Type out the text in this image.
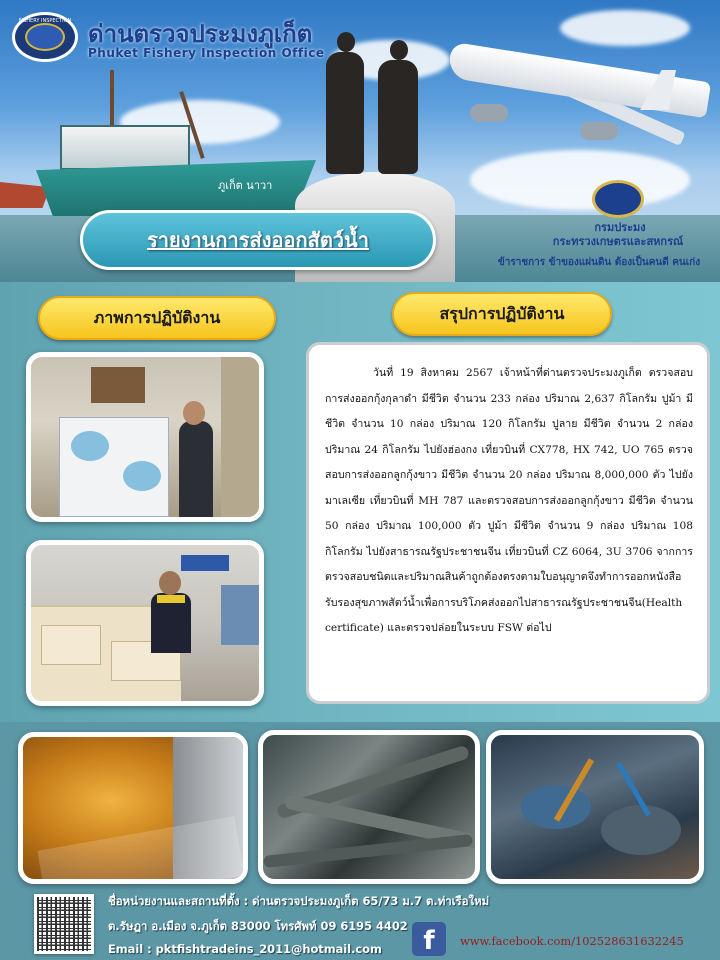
FISHERY INSPECTION ด่านตรวจประมงภูเก็ต
Phuket Fishery Inspection Office
ภูเก็ต นาวา
กรมประมง
กระทรวงเกษตรและสหกรณ์
ข้าราชการ ข้าของแผ่นดิน ต้องเป็นคนดี คนเก่ง
รายงานการส่งออกสัตว์น้ำ
ภาพการปฏิบัติงาน	สรุปการปฏิบัติงาน

วันที่ 19 สิงหาคม 2567 เจ้าหน้าที่ด่านตรวจประมงภูเก็ต ตรวจสอบการส่งออกกุ้งกุลาดำ มีชีวิต จำนวน 233 กล่อง ปริมาณ 2,637 กิโลกรัม ปูม้า มีชีวิต จำนวน 10 กล่อง ปริมาณ 120 กิโลกรัม ปูลาย มีชีวิต จำนวน 2 กล่อง ปริมาณ 24 กิโลกรัม ไปยังฮ่องกง เที่ยวบินที่ CX778, HX 742, UO 765 ตรวจสอบการส่งออกลูกกุ้งขาว มีชีวิต จำนวน 20 กล่อง ปริมาณ 8,000,000 ตัว ไปยังมาเลเซีย เที่ยวบินที่ MH 787 และตรวจสอบการส่งออกลูกกุ้งขาว มีชีวิต จำนวน 50 กล่อง ปริมาณ 100,000 ตัว ปูม้า มีชีวิต จำนวน 9 กล่อง ปริมาณ 108 กิโลกรัม ไปยังสาธารณรัฐประชาชนจีน เที่ยวบินที่ CZ 6064, 3U 3706 จากการตรวจสอบชนิดและปริมาณสินค้าถูกต้องตรงตามใบอนุญาตจึงทำการออกหนังสือรับรองสุขภาพสัตว์น้ำเพื่อการบริโภคส่งออกไปสาธารณรัฐประชาชนจีน(Health certificate) และตรวจปล่อยในระบบ FSW ต่อไป

ชื่อหน่วยงานและสถานที่ตั้ง : ด่านตรวจประมงภูเก็ต 65/73 ม.7 ต.ท่าเรือใหม่
ต.รัษฎา อ.เมือง จ.ภูเก็ต 83000 โทรศัพท์ 09 6195 4402
Email : pktfishtradeins_2011@hotmail.com f www.facebook.com/102528631632245
